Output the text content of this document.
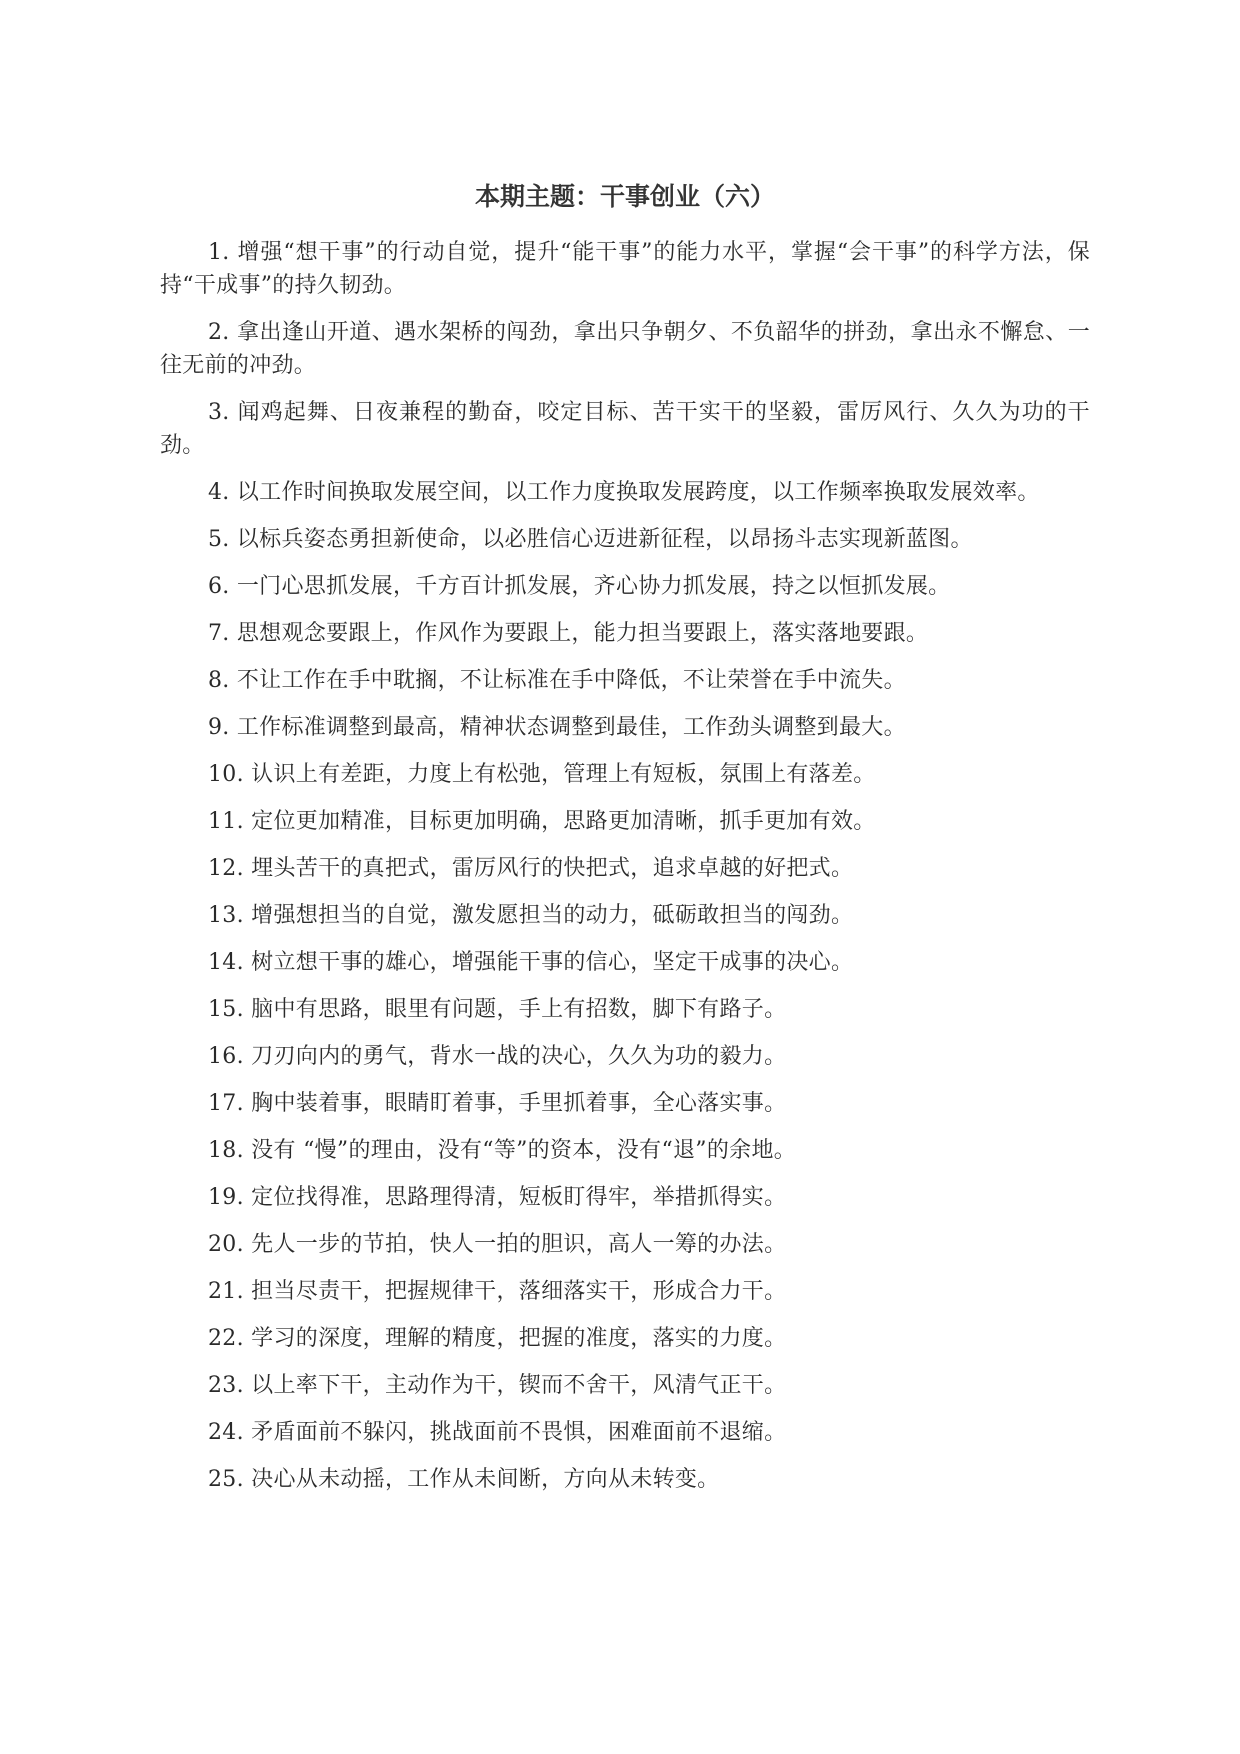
本期主题：干事创业（六）

1. 增强“想干事”的行动自觉，提升“能干事”的能力水平，掌握“会干事”的科学方法，保持“干成事”的持久韧劲。

2. 拿出逢山开道、遇水架桥的闯劲，拿出只争朝夕、不负韶华的拼劲，拿出永不懈怠、一往无前的冲劲。

3. 闻鸡起舞、日夜兼程的勤奋，咬定目标、苦干实干的坚毅，雷厉风行、久久为功的干劲。

4. 以工作时间换取发展空间，以工作力度换取发展跨度，以工作频率换取发展效率。

5. 以标兵姿态勇担新使命，以必胜信心迈进新征程，以昂扬斗志实现新蓝图。

6. 一门心思抓发展，千方百计抓发展，齐心协力抓发展，持之以恒抓发展。

7. 思想观念要跟上，作风作为要跟上，能力担当要跟上，落实落地要跟。

8. 不让工作在手中耽搁，不让标准在手中降低，不让荣誉在手中流失。

9. 工作标准调整到最高，精神状态调整到最佳，工作劲头调整到最大。

10. 认识上有差距，力度上有松弛，管理上有短板，氛围上有落差。

11. 定位更加精准，目标更加明确，思路更加清晰，抓手更加有效。

12. 埋头苦干的真把式，雷厉风行的快把式，追求卓越的好把式。

13. 增强想担当的自觉，激发愿担当的动力，砥砺敢担当的闯劲。

14. 树立想干事的雄心，增强能干事的信心，坚定干成事的决心。

15. 脑中有思路，眼里有问题，手上有招数，脚下有路子。

16. 刀刃向内的勇气，背水一战的决心，久久为功的毅力。

17. 胸中装着事，眼睛盯着事，手里抓着事，全心落实事。

18. 没有 “慢”的理由，没有“等”的资本，没有“退”的余地。

19. 定位找得准，思路理得清，短板盯得牢，举措抓得实。

20. 先人一步的节拍，快人一拍的胆识，高人一筹的办法。

21. 担当尽责干，把握规律干，落细落实干，形成合力干。

22. 学习的深度，理解的精度，把握的准度，落实的力度。

23. 以上率下干，主动作为干，锲而不舍干，风清气正干。

24. 矛盾面前不躲闪，挑战面前不畏惧，困难面前不退缩。

25. 决心从未动摇，工作从未间断，方向从未转变。
